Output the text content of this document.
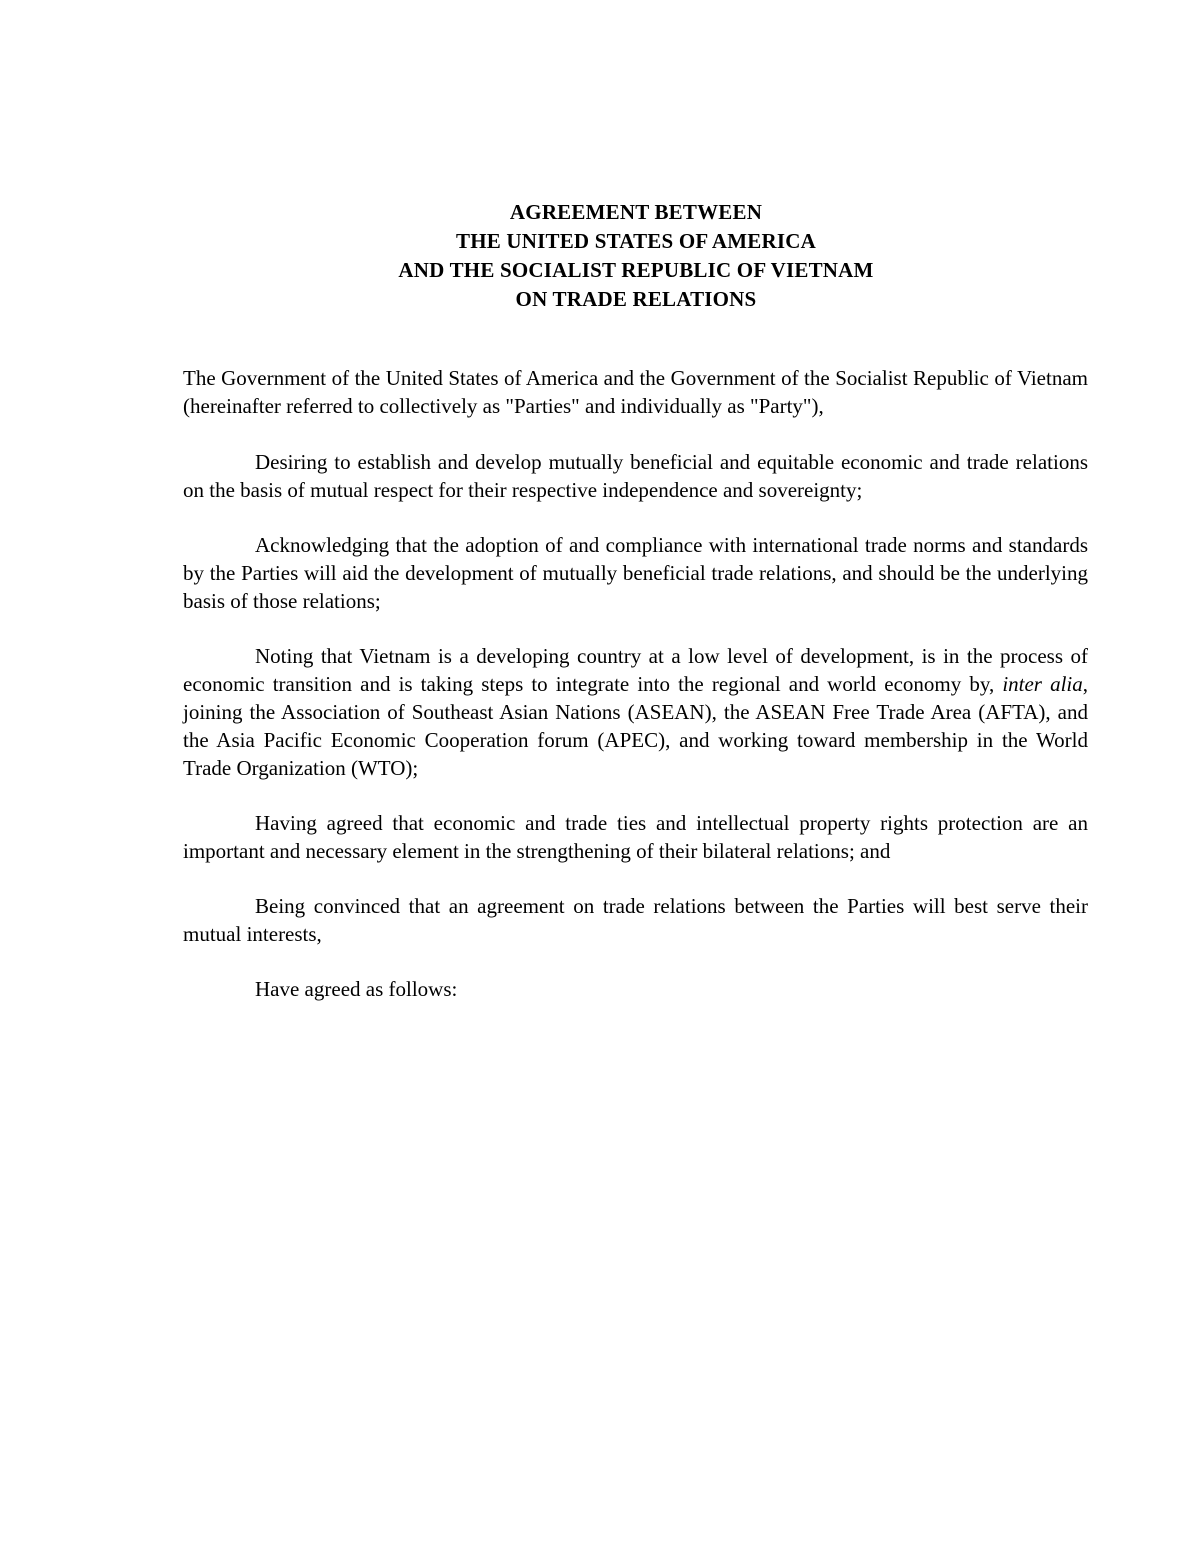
AGREEMENT BETWEEN
THE UNITED STATES OF AMERICA
AND THE SOCIALIST REPUBLIC OF VIETNAM
ON TRADE RELATIONS

The Government of the United States of America and the Government of the Socialist Republic of Vietnam (hereinafter referred to collectively as "Parties" and individually as "Party"),

Desiring to establish and develop mutually beneficial and equitable economic and trade relations on the basis of mutual respect for their respective independence and sovereignty;

Acknowledging that the adoption of and compliance with international trade norms and standards by the Parties will aid the development of mutually beneficial trade relations, and should be the underlying basis of those relations;

Noting that Vietnam is a developing country at a low level of development, is in the process of economic transition and is taking steps to integrate into the regional and world economy by, inter alia, joining the Association of Southeast Asian Nations (ASEAN), the ASEAN Free Trade Area (AFTA), and the Asia Pacific Economic Cooperation forum (APEC), and working toward membership in the World Trade Organization (WTO);

Having agreed that economic and trade ties and intellectual property rights protection are an important and necessary element in the strengthening of their bilateral relations; and

Being convinced that an agreement on trade relations between the Parties will best serve their mutual interests,

Have agreed as follows:
